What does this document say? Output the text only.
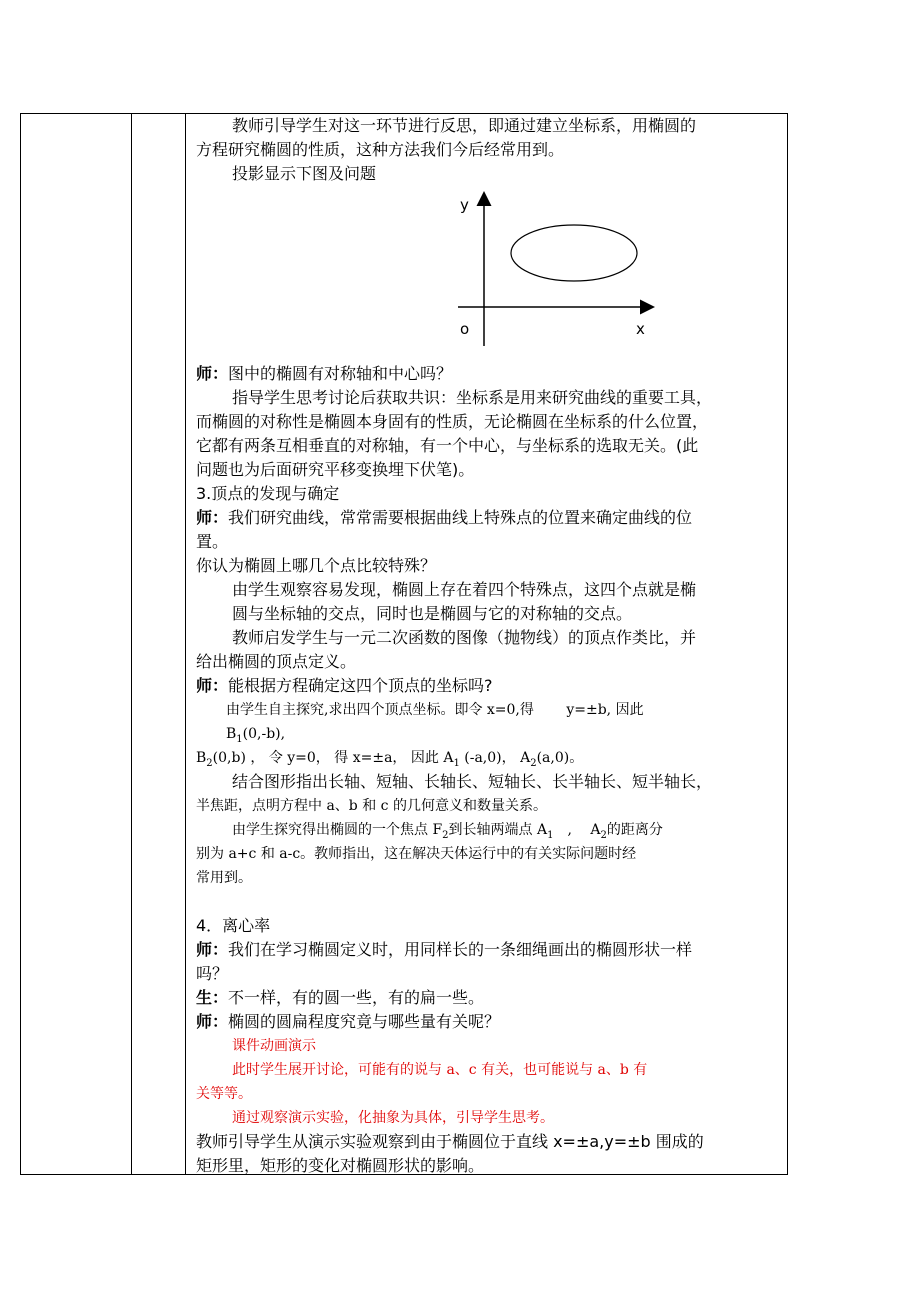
教师引导学生对这一环节进行反思，即通过建立坐标系，用椭圆的

方程研究椭圆的性质，这种方法我们今后经常用到。

投影显示下图及问题

y
o	x

师：图中的椭圆有对称轴和中心吗？

指导学生思考讨论后获取共识：坐标系是用来研究曲线的重要工具，

而椭圆的对称性是椭圆本身固有的性质，无论椭圆在坐标系的什么位置，

它都有两条互相垂直的对称轴，有一个中心，与坐标系的选取无关。(此

问题也为后面研究平移变换埋下伏笔)。

3.顶点的发现与确定

师：我们研究曲线，常常需要根据曲线上特殊点的位置来确定曲线的位

置。

你认为椭圆上哪几个点比较特殊？

由学生观察容易发现，椭圆上存在着四个特殊点，这四个点就是椭

圆与坐标轴的交点，同时也是椭圆与它的对称轴的交点。

教师启发学生与一元二次函数的图像（抛物线）的顶点作类比，并

给出椭圆的顶点定义。

师：能根据方程确定这四个顶点的坐标吗?

由学生自主探究,求出四个顶点坐标。即令 x=0,得　　 y=±b, 因此

$B_1(0,-b)$,

$B_2(0,b)$ ， 令 y=0， 得 x=±a， 因此 $A_1$ (-a,0)， $A_2(a,0)$。

结合图形指出长轴、短轴、长轴长、短轴长、长半轴长、短半轴长，

半焦距，点明方程中 a、b 和 c 的几何意义和数量关系。

由学生探究得出椭圆的一个焦点 $F_2$到长轴两端点 $A_1$　,　 $A_2$的距离分

别为 a+c 和 a-c。教师指出，这在解决天体运行中的有关实际问题时经

常用到。

4．离心率

师：我们在学习椭圆定义时，用同样长的一条细绳画出的椭圆形状一样

吗？

生：不一样，有的圆一些，有的扁一些。

师：椭圆的圆扁程度究竟与哪些量有关呢？

课件动画演示

此时学生展开讨论，可能有的说与 a、c 有关，也可能说与 a、b 有

关等等。

通过观察演示实验，化抽象为具体，引导学生思考。

教师引导学生从演示实验观察到由于椭圆位于直线 x=±a,y=±b 围成的

矩形里，矩形的变化对椭圆形状的影响。
